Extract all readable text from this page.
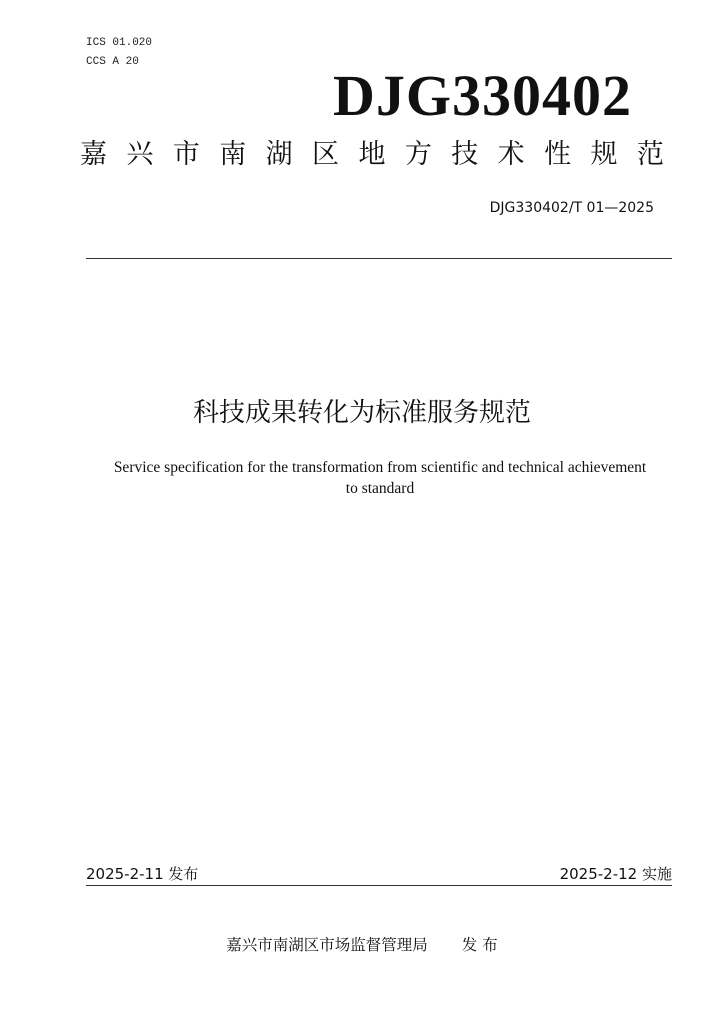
ICS 01.020
CCS A 20
DJG330402
嘉 兴 市 南 湖 区 地 方 技 术 性 规 范
DJG330402/T 01—2025
科技成果转化为标准服务规范
Service specification for the transformation from scientific and technical achievement
to standard
2025-2-11 发布	2025-2-12 实施
嘉兴市南湖区市场监督管理局 发 布
